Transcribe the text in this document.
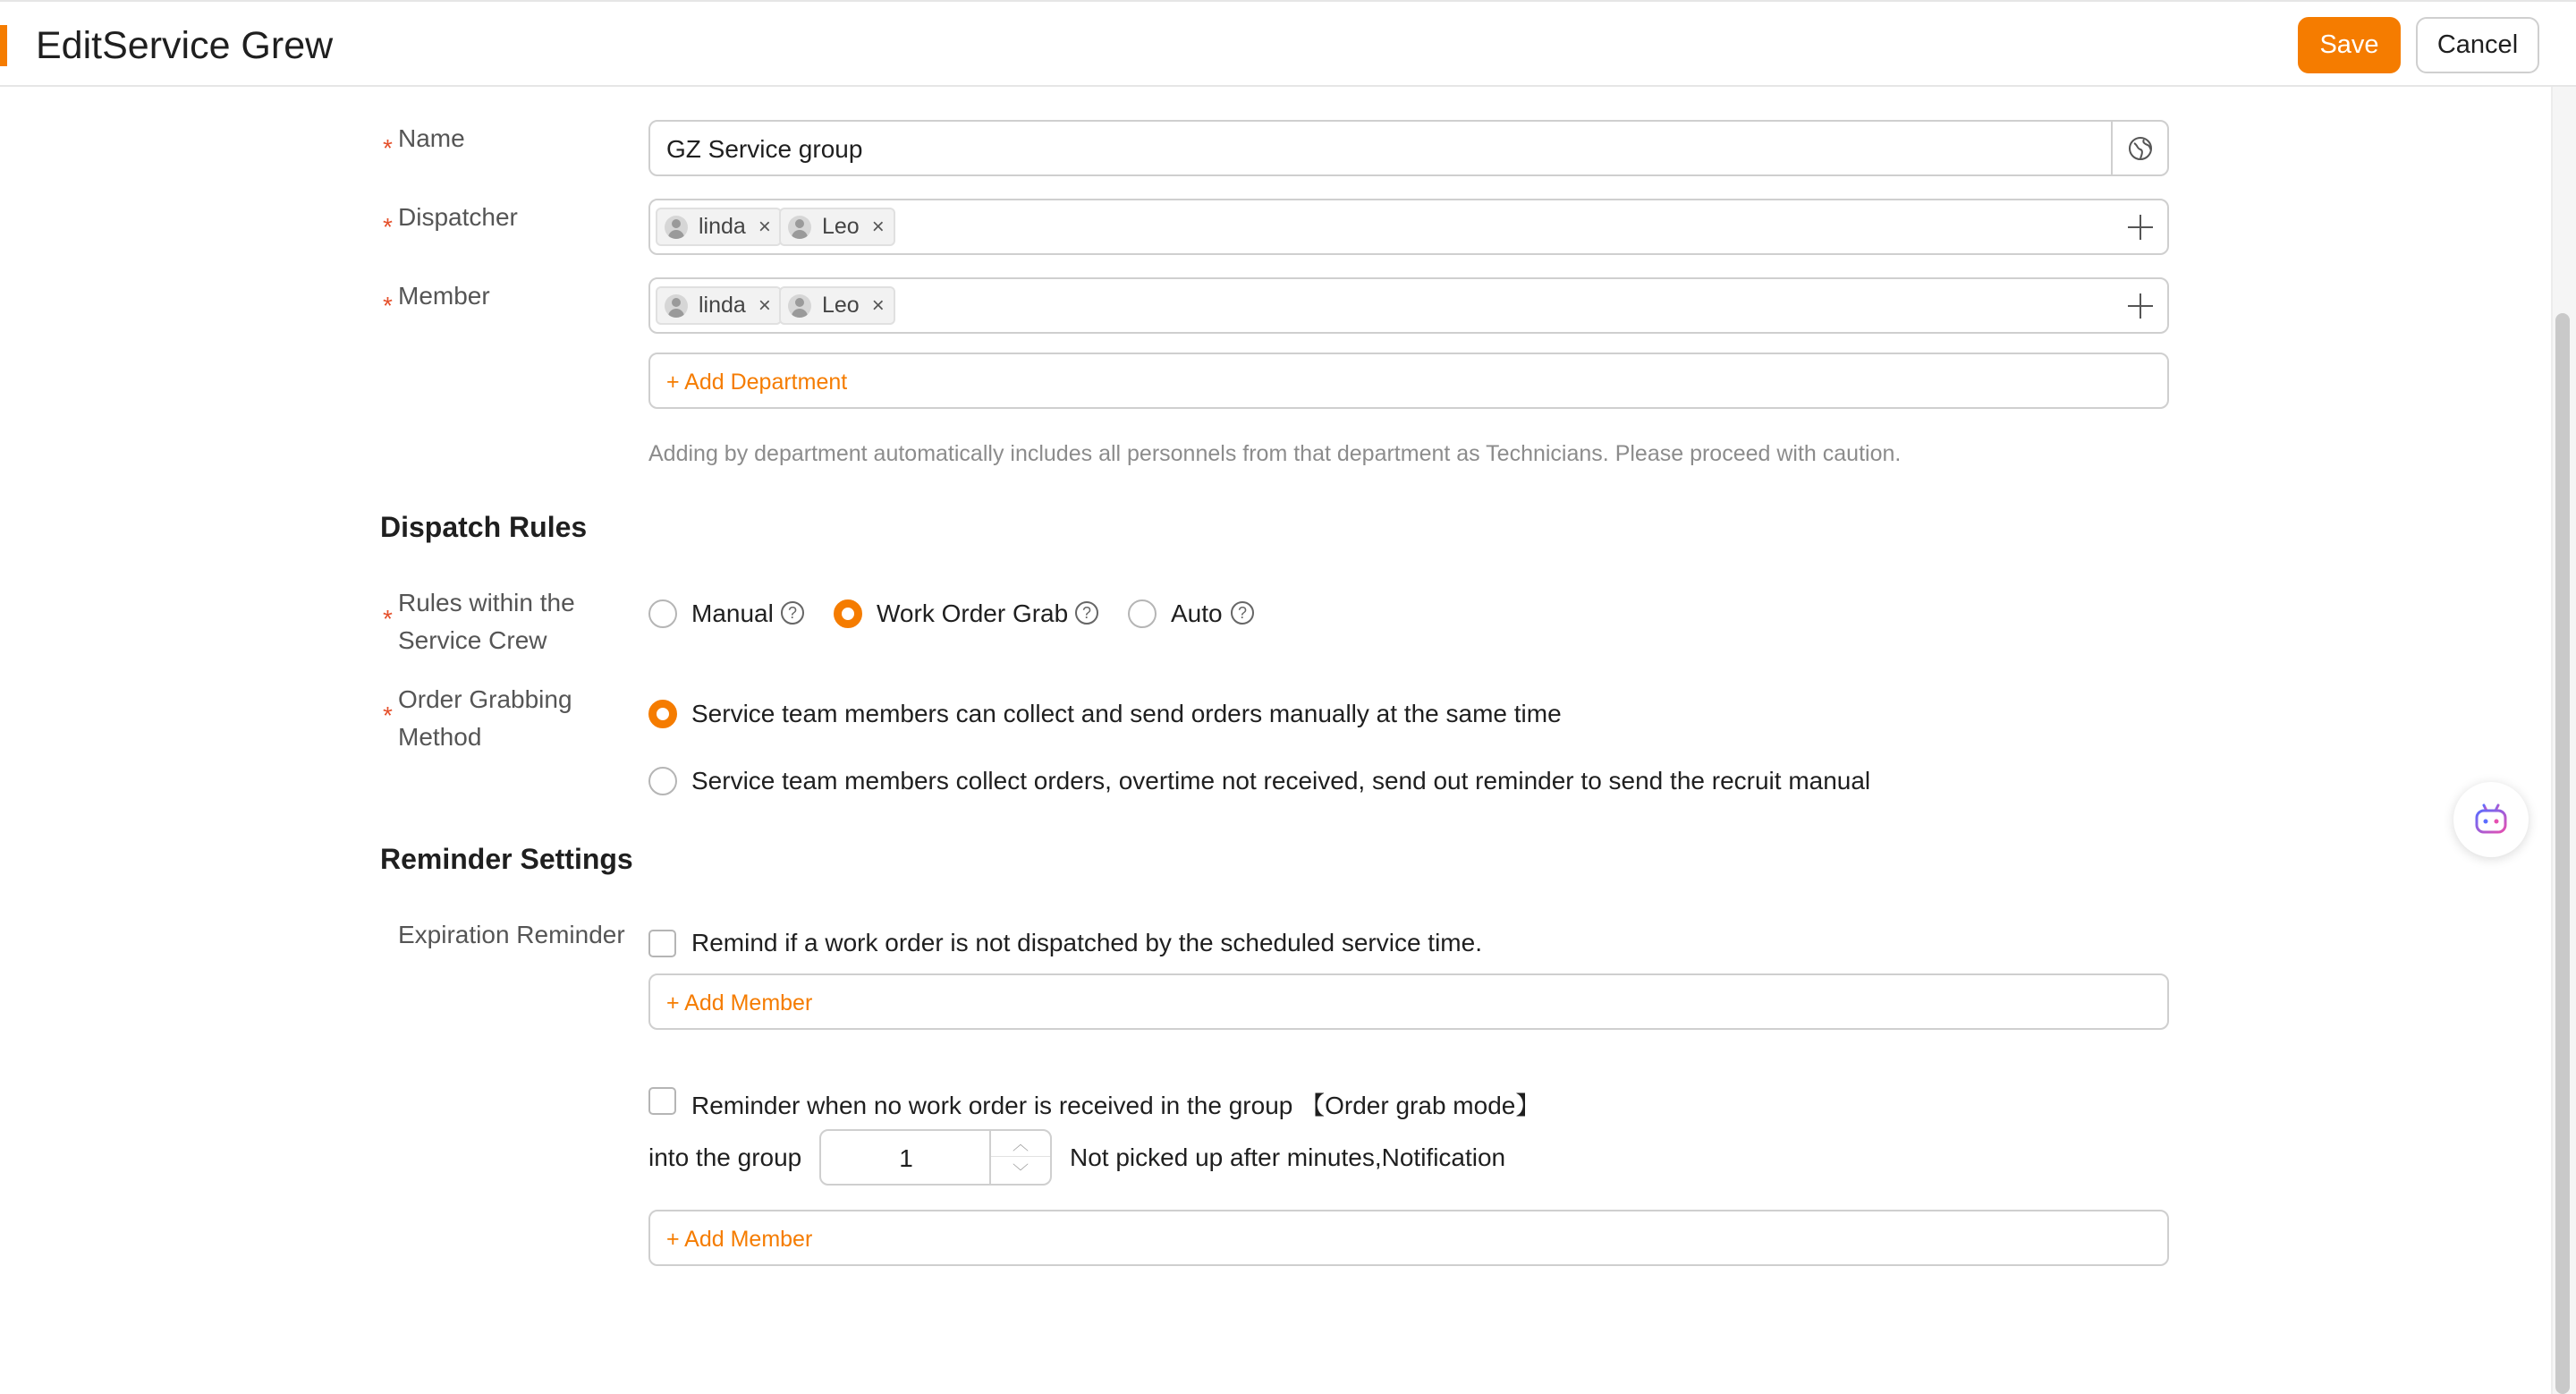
EditService Grew	Save	Cancel
* Name	GZ Service group
* Dispatcher	linda × Leo ×
* Member	linda × Leo ×
+ Add Department
Adding by department automatically includes all personnels from that department as Technicians. Please proceed with caution.
Dispatch Rules
*
Rules within the
Service Crew
Manual ?	Work Order Grab ?	Auto ?
*
Order Grabbing
Method
Service team members can collect and send orders manually at the same time
Service team members collect orders, overtime not received, send out reminder to send the recruit manual
Reminder Settings
Expiration Reminder	Remind if a work order is not dispatched by the scheduled service time.
+ Add Member
Reminder when no work order is received in the group 【Order grab mode】
into the group	1	︿
﹀
Not picked up after minutes,Notification
+ Add Member
